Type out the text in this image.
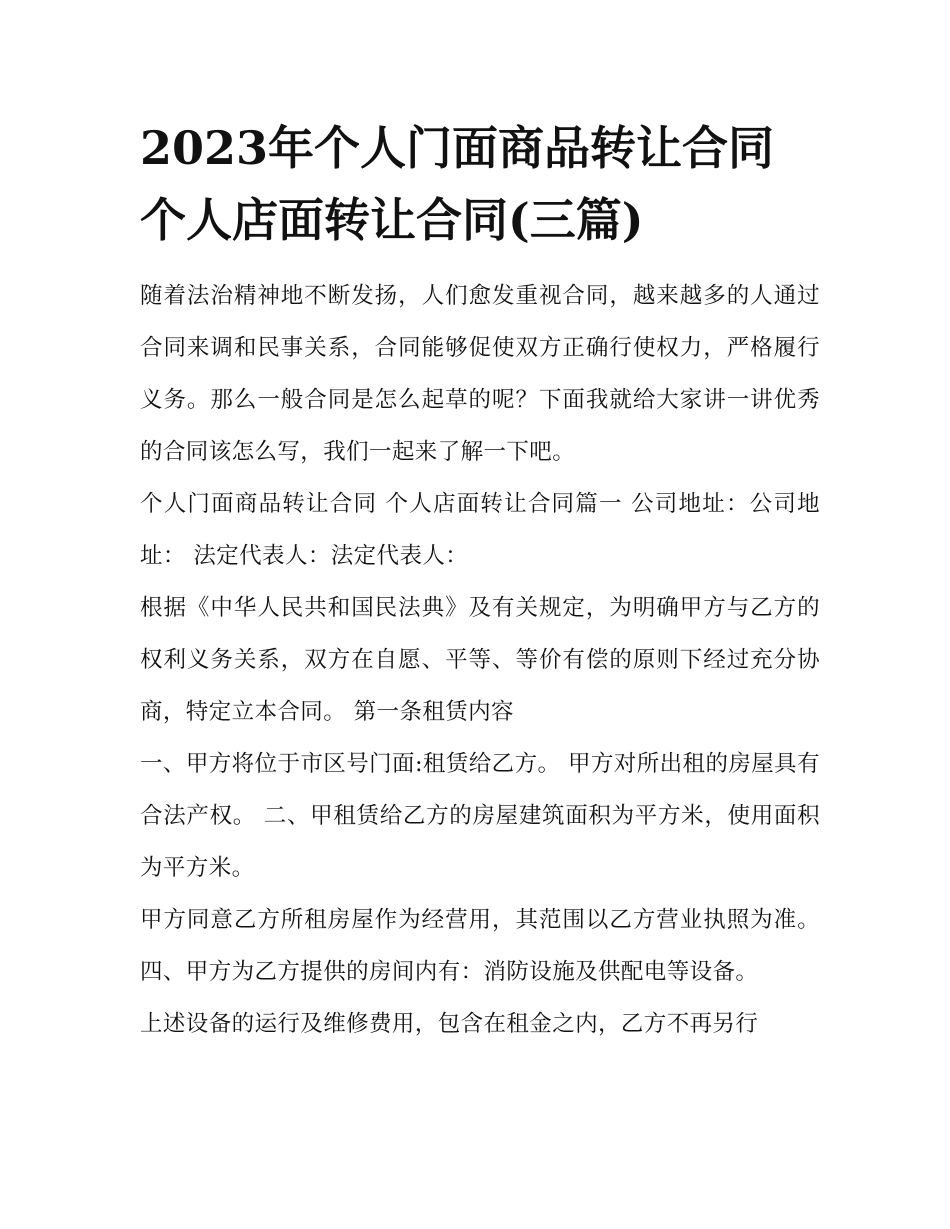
2023年个人门面商品转让合同
个人店面转让合同(三篇)

随着法治精神地不断发扬，人们愈发重视合同，越来越多的人通过合同来调和民事关系，合同能够促使双方正确行使权力，严格履行义务。那么一般合同是怎么起草的呢？下面我就给大家讲一讲优秀的合同该怎么写，我们一起来了解一下吧。

个人门面商品转让合同 个人店面转让合同篇一 公司地址：公司地址： 法定代表人：法定代表人：

根据《中华人民共和国民法典》及有关规定，为明确甲方与乙方的权利义务关系，双方在自愿、平等、等价有偿的原则下经过充分协商，特定立本合同。 第一条租赁内容

一、甲方将位于市区号门面:租赁给乙方。 甲方对所出租的房屋具有合法产权。 二、甲租赁给乙方的房屋建筑面积为平方米，使用面积为平方米。

甲方同意乙方所租房屋作为经营用，其范围以乙方营业执照为准。 四、甲方为乙方提供的房间内有：消防设施及供配电等设备。

上述设备的运行及维修费用，包含在租金之内，乙方不再另行
